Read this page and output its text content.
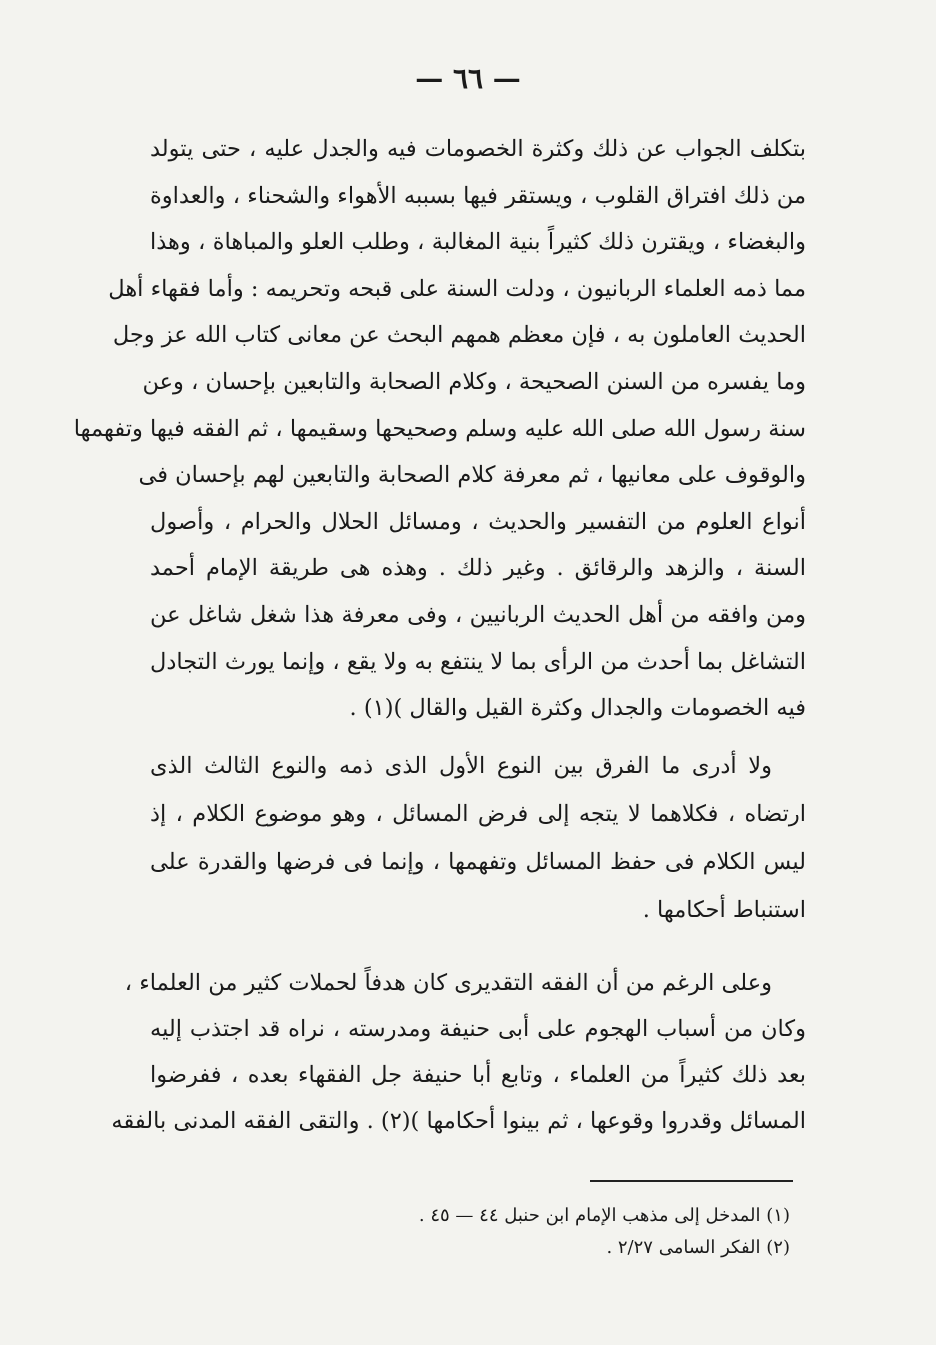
— ٦٦ —
بتكلف الجواب عن ذلك وكثرة الخصومات فيه والجدل عليه ، حتى يتولد
من ذلك افتراق القلوب ، ويستقر فيها بسببه الأهواء والشحناء ، والعداوة
والبغضاء ، ويقترن ذلك كثيراً بنية المغالبة ، وطلب العلو والمباهاة ، وهذا
مما ذمه العلماء الربانيون ، ودلت السنة على قبحه وتحريمه : وأما فقهاء أهل
الحديث العاملون به ، فإن معظم همهم البحث عن معانى كتاب الله عز وجل
وما يفسره من السنن الصحيحة ، وكلام الصحابة والتابعين بإحسان ، وعن
سنة رسول الله صلى الله عليه وسلم وصحيحها وسقيمها ، ثم الفقه فيها وتفهمها
والوقوف على معانيها ، ثم معرفة كلام الصحابة والتابعين لهم بإحسان فى
أنواع العلوم من التفسير والحديث ، ومسائل الحلال والحرام ، وأصول
السنة ، والزهد والرقائق . وغير ذلك . وهذه هى طريقة الإمام أحمد
ومن وافقه من أهل الحديث الربانيين ، وفى معرفة هذا شغل شاغل عن
التشاغل بما أحدث من الرأى بما لا ينتفع به ولا يقع ، وإنما يورث التجادل
فيه الخصومات والجدال وكثرة القيل والقال )(١) .
ولا أدرى ما الفرق بين النوع الأول الذى ذمه والنوع الثالث الذى
ارتضاه ، فكلاهما لا يتجه إلى فرض المسائل ، وهو موضوع الكلام ، إذ
ليس الكلام فى حفظ المسائل وتفهمها ، وإنما فى فرضها والقدرة على
استنباط أحكامها .
وعلى الرغم من أن الفقه التقديرى كان هدفاً لحملات كثير من العلماء ،
وكان من أسباب الهجوم على أبى حنيفة ومدرسته ، نراه قد اجتذب إليه
بعد ذلك كثيراً من العلماء ، وتابع أبا حنيفة جل الفقهاء بعده ، ففرضوا
المسائل وقدروا وقوعها ، ثم بينوا أحكامها )(٢) . والتقى الفقه المدنى بالفقه
(١) المدخل إلى مذهب الإمام ابن حنبل ٤٤ — ٤٥ .
(٢) الفكر السامى ٢/٢٧ .
